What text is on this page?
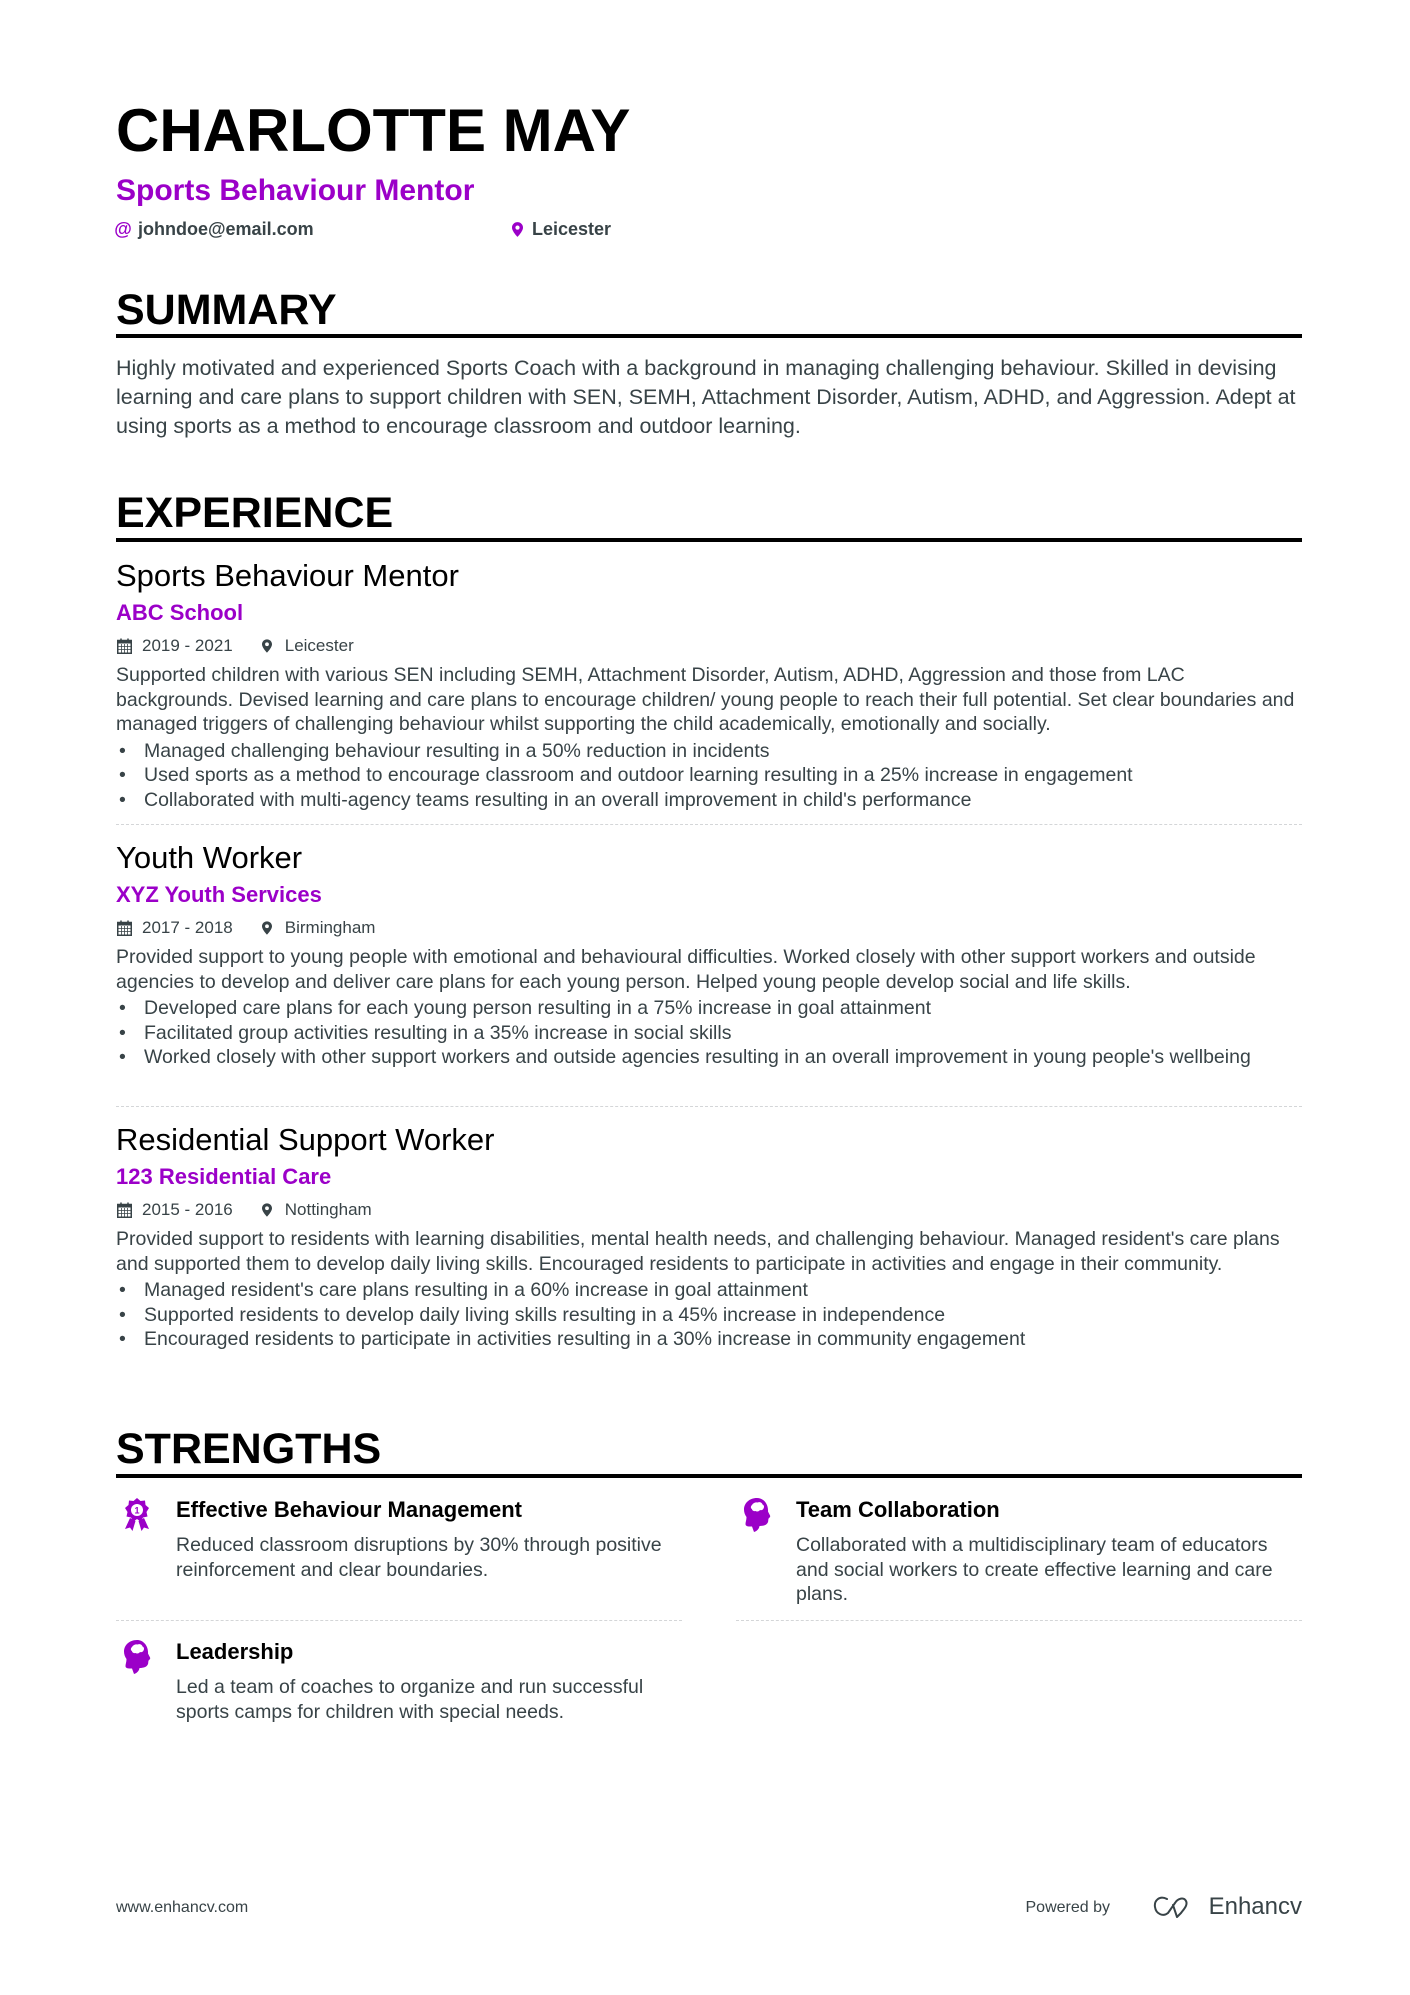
CHARLOTTE MAY
Sports Behaviour Mentor
@ johndoe@email.com	Leicester
SUMMARY
Highly motivated and experienced Sports Coach with a background in managing challenging behaviour. Skilled in devising learning and care plans to support children with SEN, SEMH, Attachment Disorder, Autism, ADHD, and Aggression. Adept at using sports as a method to encourage classroom and outdoor learning.
EXPERIENCE
Sports Behaviour Mentor
ABC School
2019 - 2021	Leicester
Supported children with various SEN including SEMH, Attachment Disorder, Autism, ADHD, Aggression and those from LAC backgrounds. Devised learning and care plans to encourage children/ young people to reach their full potential. Set clear boundaries and managed triggers of challenging behaviour whilst supporting the child academically, emotionally and socially.
• Managed challenging behaviour resulting in a 50% reduction in incidents
• Used sports as a method to encourage classroom and outdoor learning resulting in a 25% increase in engagement
• Collaborated with multi-agency teams resulting in an overall improvement in child's performance
Youth Worker
XYZ Youth Services
2017 - 2018	Birmingham
Provided support to young people with emotional and behavioural difficulties. Worked closely with other support workers and outside agencies to develop and deliver care plans for each young person. Helped young people develop social and life skills.
• Developed care plans for each young person resulting in a 75% increase in goal attainment
• Facilitated group activities resulting in a 35% increase in social skills
• Worked closely with other support workers and outside agencies resulting in an overall improvement in young people's wellbeing
Residential Support Worker
123 Residential Care
2015 - 2016	Nottingham
Provided support to residents with learning disabilities, mental health needs, and challenging behaviour. Managed resident's care plans and supported them to develop daily living skills. Encouraged residents to participate in activities and engage in their community.
• Managed resident's care plans resulting in a 60% increase in goal attainment
• Supported residents to develop daily living skills resulting in a 45% increase in independence
• Encouraged residents to participate in activities resulting in a 30% increase in community engagement
STRENGTHS
1 Effective Behaviour Management
Reduced classroom disruptions by 30% through positive reinforcement and clear boundaries.
Team Collaboration
Collaborated with a multidisciplinary team of educators and social workers to create effective learning and care plans.
Leadership
Led a team of coaches to organize and run successful sports camps for children with special needs.
www.enhancv.com	Powered by	Enhancv
